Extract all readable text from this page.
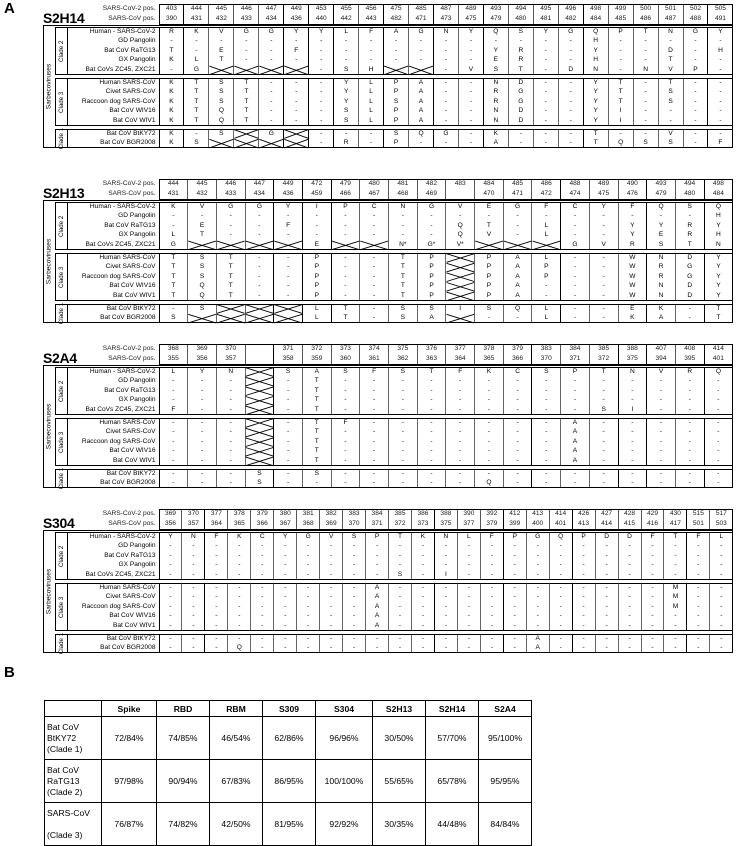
A
B
S2H14
SARS-CoV-2 pos.	403	444	445	446	447	449	453	455	456	475	485	487	489	493	494	495	496	498	499	500	501	502	505
SARS-CoV pos.	390	431	432	433	434	436	440	442	443	482	471	473	475	479	480	481	482	484	485	486	487	488	491
Clade 2
Human - SARS-CoV-2	R	K	V	G	G	Y	Y	L	F	A	G	N	Y	Q	S	Y	G	Q	P	T	N	G	Y
GD Pangolin	-	-	-	-	-	-	-	-	-	-	-	-	-	-	-	-	-	H	-	-	-	-	-
Bat CoV RaTG13	T	-	E	-	-	F	-	-	-	-	-	-	-	Y	R	-	-	Y	-	-	D	-	H
GX Pangolin	K	L	T	-	-	-	-	-	-	-	-	-	-	E	R	-	-	H	-	-	T	-	-
Bat CoVs ZC45, ZXC21	-	G					-	S	H			-	V	S	T	-	D	N	-	N	V	P	-
Clade 3
Human SARS-CoV	K	T	S	T	-	-	-	Y	L	P	A	-	-	N	D	-	-	Y	T	-	T	-	-
Civet SARS-CoV	K	T	S	T	-	-	-	Y	L	P	A	-	-	R	G	-	-	Y	T	-	S	-	-
Raccoon dog SARS-CoV	K	T	S	T	-	-	-	Y	L	S	A	-	-	R	G	-	-	Y	T	-	S	-	-
Bat CoV WIV16	K	T	Q	T	-	-	-	S	L	P	A	-	-	N	D	-	-	Y	I	-	-	-	-
Bat CoV WIV1	K	T	Q	T	-	-	-	S	L	P	A	-	-	N	D	-	-	Y	I	-	-	-	-
Clade 1	Bat CoV BtKY72	K	-	S		G		-	-	-	S	Q	G	-	K	-	-	-	T	-	-	V	-	-
Bat CoV BGR2008	K	S					-	R	-	P	-	-	-	A	-	-	-	T	Q	S	S	-	F
Sarbecoviruses
S2H13
SARS-CoV-2 pos.	444	445	446	447	449	472	479	480	481	482	483	484	485	486	488	489	490	493	494	498
SARS-CoV pos.	431	432	433	434	436	459	466	467	468	469		470	471	472	474	475	476	479	480	484
Clade 2
Human - SARS-CoV-2	K	V	G	G	Y	I	P	C	N	G	V	E	G	F	C	Y	F	Q	S	Q
GD Pangolin	-	-	-	-	-	-	-	-	-	-	-	-	-	-	-	-	-	-	-	H
Bat CoV RaTG13	-	E	-	-	F	-	-	-	-	-	Q	T	-	L	-	-	Y	Y	R	Y
GX Pangolin	L	T	-	-	-	-	-	-	-	-	Q	V	-	L	-	-	Y	E	R	H
Bat CoVs ZC45, ZXC21	G					E			N*	G*	V*				G	V	R	S	T	N
Clade 3
Human SARS-CoV	T	S	T	-	-	P	-	-	T	P		P	A	L	-	-	W	N	D	Y
Civet SARS-CoV	T	S	T	-	-	P	-	-	T	P		P	A	P	-	-	W	R	G	Y
Raccoon dog SARS-CoV	T	S	T	-	-	P	-	-	T	P		P	A	P	-	-	W	R	G	Y
Bat CoV WIV16	T	Q	T	-	-	P	-	-	T	P		P	A	-	-	-	W	N	D	Y
Bat CoV WIV1	T	Q	T	-	-	P	-	-	T	P		P	A	-	-	-	W	N	D	Y
Clade 1	Bat CoV BtKY72	-	S				L	T	-	S	S	I	S	Q	L	-	-	E	K	-	T
Bat CoV BGR2008	S					L	T	-	S	A		-	-	L	-	-	K	A	-	T
Sarbecoviruses
S2A4
SARS-CoV-2 pos.	368	369	370		371	372	373	374	375	376	377	378	379	383	384	385	388	407	408	414
SARS-CoV pos.	355	356	357		358	359	360	361	362	363	364	365	366	370	371	372	375	394	395	401
Clade 2
Human - SARS-CoV-2	L	Y	N		S	A	S	F	S	T	F	K	C	S	P	T	N	V	R	Q
GD Pangolin	-	-	-		-	T	-	-	-	-	-	-	-	-	-	-	-	-	-	-
Bat CoV RaTG13	-	-	-		-	T	-	-	-	-	-	-	-	-	-	-	-	-	-	-
GX Pangolin	-	-	-		-	T	-	-	-	-	-	-	-	-	-	-	-	-	-	-
Bat CoVs ZC45, ZXC21	F	-	-		-	T	-	-	-	-	-	-	-	-	-	S	I	-	-	-
Clade 3
Human SARS-CoV	-	-	-		-	T	F	-	-	-	-	-	-	-	A	-	-	-	-	-
Civet SARS-CoV	-	-	-		-	T	-	-	-	-	-	-	-	-	A	-	-	-	-	-
Raccoon dog SARS-CoV	-	-	-		-	T	-	-	-	-	-	-	-	-	A	-	-	-	-	-
Bat CoV WIV16	-	-	-		-	T	-	-	-	-	-	-	-	-	A	-	-	-	-	-
Bat CoV WIV1	-	-	-		-	T	-	-	-	-	-	-	-	-	A	-	-	-	-	-
Clade 1	Bat CoV BtKY72	-	-	-	S	-	S	-	-	-	-	-	-	-	-	-	-	-	-	-	-
Bat CoV BGR2008	-	-	-	S	-	-	-	-	-	-	-	Q	-	-	-	-	-	-	-	-
Sarbecoviruses
S304
SARS-CoV-2 pos.	369	370	377	378	379	380	381	382	383	384	385	386	388	390	392	412	413	414	426	427	428	429	430	515	517
SARS-CoV pos.	356	357	364	365	366	367	368	369	370	371	372	373	375	377	379	399	400	401	413	414	415	416	417	501	503
Clade 2
Human - SARS-CoV-2	Y	N	F	K	C	Y	G	V	S	P	T	K	N	L	F	P	G	Q	P	D	D	F	T	F	L
GD Pangolin	-	-	-	-	-	-	-	-	-	-	-	-	-	-	-	-	-	-	-	-	-	-	-	-	-
Bat CoV RaTG13	-	-	-	-	-	-	-	-	-	-	-	-	-	-	-	-	-	-	-	-	-	-	-	-	-
GX Pangolin	-	-	-	-	-	-	-	-	-	-	-	-	-	-	-	-	-	-	-	-	-	-	-	-	-
Bat CoVs ZC45, ZXC21	-	-	-	-	-	-	-	-	-	-	S	-	I	-	-	-	-	-	-	-	-	-	-	-	-
Clade 3
Human SARS-CoV	-	-	-	-	-	-	-	-	-	A	-	-	-	-	-	-	-	-	-	-	-	-	M	-	-
Civet SARS-CoV	-	-	-	-	-	-	-	-	-	A	-	-	-	-	-	-	-	-	-	-	-	-	M	-	-
Raccoon dog SARS-CoV	-	-	-	-	-	-	-	-	-	A	-	-	-	-	-	-	-	-	-	-	-	-	M	-	-
Bat CoV WIV16	-	-	-	-	-	-	-	-	-	A	-	-	-	-	-	-	-	-	-	-	-	-	-	-	-
Bat CoV WIV1	-	-	-	-	-	-	-	-	-	A	-	-	-	-	-	-	-	-	-	-	-	-	-	-	-
Clade 1	Bat CoV BtKY72	-	-	-	-	-	-	-	-	-	-	-	-	-	-	-	-	A	-	-	-	-	-	-	-	-
Bat CoV BGR2008	-	-	-	Q	-	-	-	-	-	-	-	-	-	-	-	-	A	-	-	-	-	-	-	-	-
Sarbecoviruses
	Spike	RBD	RBM	S309	S304	S2H13	S2H14	S2A4

Bat CoV
BtKY72
(Clade 1)	72/84%	74/85%	46/54%	62/86%	96/96%	30/50%	57/70%	95/100%

Bat CoV
RaTG13
(Clade 2)	97/98%	90/94%	67/83%	86/95%	100/100%	55/65%	65/78%	95/95%

SARS-CoV
(Clade 3)	76/87%	74/82%	42/50%	81/95%	92/92%	30/35%	44/48%	84/84%
